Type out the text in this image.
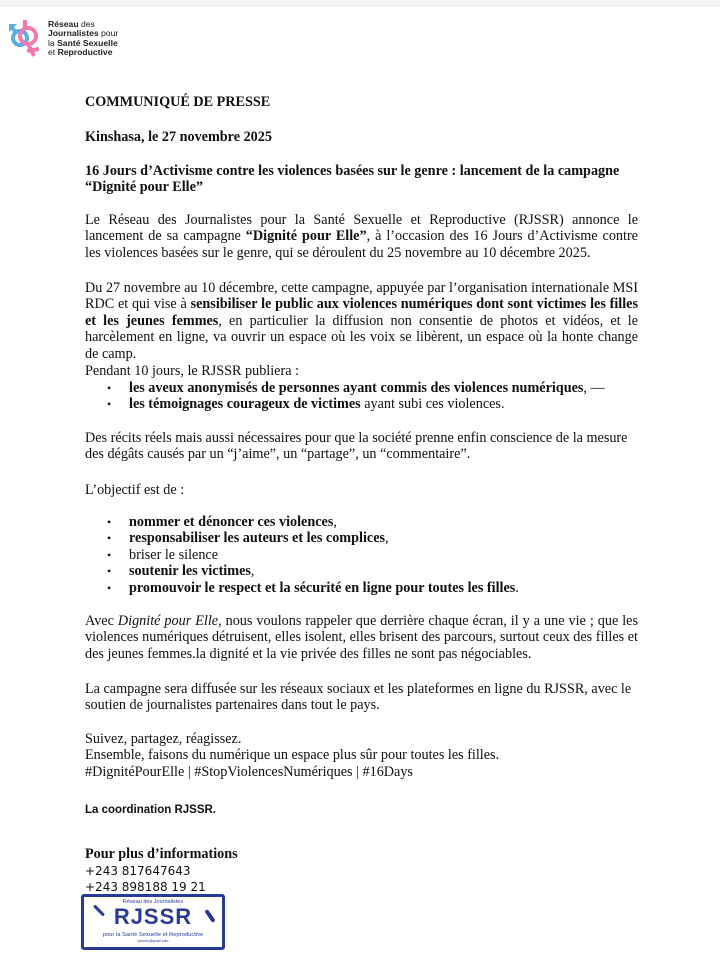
Réseau des
Journalistes pour
la Santé Sexuelle
et Reproductive
COMMUNIQUÉ DE PRESSE
Kinshasa, le 27 novembre 2025
16 Jours d’Activisme contre les violences basées sur le genre : lancement de la campagne
“Dignité pour Elle”
Le Réseau des Journalistes pour la Santé Sexuelle et Reproductive (RJSSR) annonce le lancement de sa campagne “Dignité pour Elle”, à l’occasion des 16 Jours d’Activisme contre les violences basées sur le genre, qui se déroulent du 25 novembre au 10 décembre 2025.
Du 27 novembre au 10 décembre, cette campagne, appuyée par l’organisation internationale MSI RDC et qui vise à sensibiliser le public aux violences numériques dont sont victimes les filles et les jeunes femmes, en particulier la diffusion non consentie de photos et vidéos, et le harcèlement en ligne, va ouvrir un espace où les voix se libèrent, un espace où la honte change de camp.
Pendant 10 jours, le RJSSR publiera :
• les aveux anonymisés de personnes ayant commis des violences numériques, —
• les témoignages courageux de victimes ayant subi ces violences.
Des récits réels mais aussi nécessaires pour que la société prenne enfin conscience de la mesure des dégâts causés par un “j’aime”, un “partage”, un “commentaire”.
L’objectif est de :
• nommer et dénoncer ces violences,
• responsabiliser les auteurs et les complices,
• briser le silence
• soutenir les victimes,
• promouvoir le respect et la sécurité en ligne pour toutes les filles.
Avec Dignité pour Elle, nous voulons rappeler que derrière chaque écran, il y a une vie ; que les violences numériques détruisent, elles isolent, elles brisent des parcours, surtout ceux des filles et des jeunes femmes.la dignité et la vie privée des filles ne sont pas négociables.
La campagne sera diffusée sur les réseaux sociaux et les plateformes en ligne du RJSSR, avec le soutien de journalistes partenaires dans tout le pays.
Suivez, partagez, réagissez.
Ensemble, faisons du numérique un espace plus sûr pour toutes les filles.
#DignitéPourElle | #StopViolencesNumériques | #16Days
La coordination RJSSR.
Pour plus d’informations
+243 817647643
+243 898188 19 21
Réseau des Journalistes
RJSSR
pour la Santé Sexuelle et Reproductive
rjssrrdc@gmail.com
